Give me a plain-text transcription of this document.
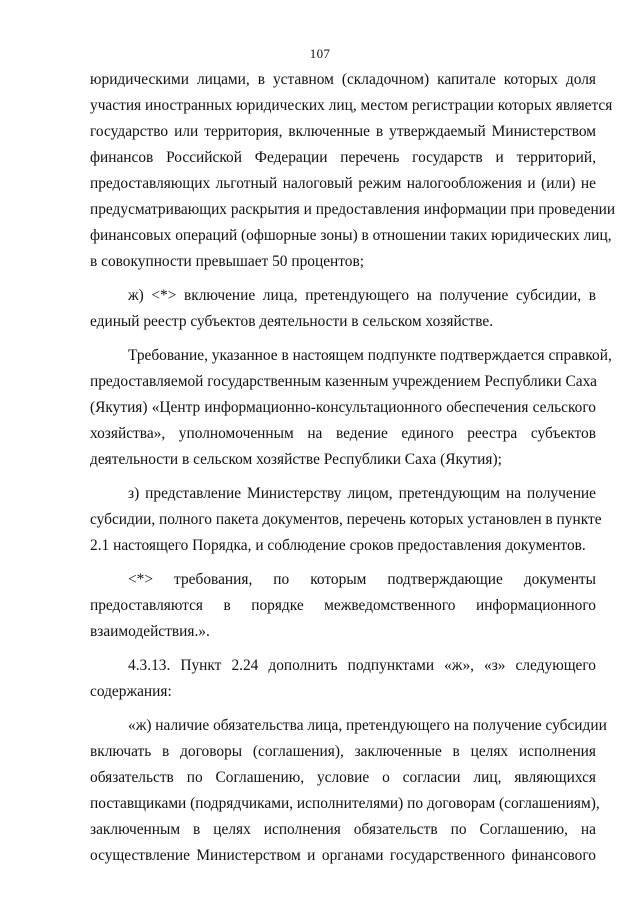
107
юридическими лицами, в уставном (складочном) капитале которых доля
участия иностранных юридических лиц, местом регистрации которых является
государство или территория, включенные в утверждаемый Министерством
финансов Российской Федерации перечень государств и территорий,
предоставляющих льготный налоговый режим налогообложения и (или) не
предусматривающих раскрытия и предоставления информации при проведении
финансовых операций (офшорные зоны) в отношении таких юридических лиц,
в совокупности превышает 50 процентов;
ж) <*> включение лица, претендующего на получение субсидии, в
единый реестр субъектов деятельности в сельском хозяйстве.
Требование, указанное в настоящем подпункте подтверждается справкой,
предоставляемой государственным казенным учреждением Республики Саха
(Якутия) «Центр информационно-консультационного обеспечения сельского
хозяйства», уполномоченным на ведение единого реестра субъектов
деятельности в сельском хозяйстве Республики Саха (Якутия);
з) представление Министерству лицом, претендующим на получение
субсидии, полного пакета документов, перечень которых установлен в пункте
2.1 настоящего Порядка, и соблюдение сроков предоставления документов.
<*> требования, по которым подтверждающие документы
предоставляются в порядке межведомственного информационного
взаимодействия.».
4.3.13. Пункт 2.24 дополнить подпунктами «ж», «з» следующего
содержания:
«ж) наличие обязательства лица, претендующего на получение субсидии
включать в договоры (соглашения), заключенные в целях исполнения
обязательств по Соглашению, условие о согласии лиц, являющихся
поставщиками (подрядчиками, исполнителями) по договорам (соглашениям),
заключенным в целях исполнения обязательств по Соглашению, на
осуществление Министерством и органами государственного финансового
